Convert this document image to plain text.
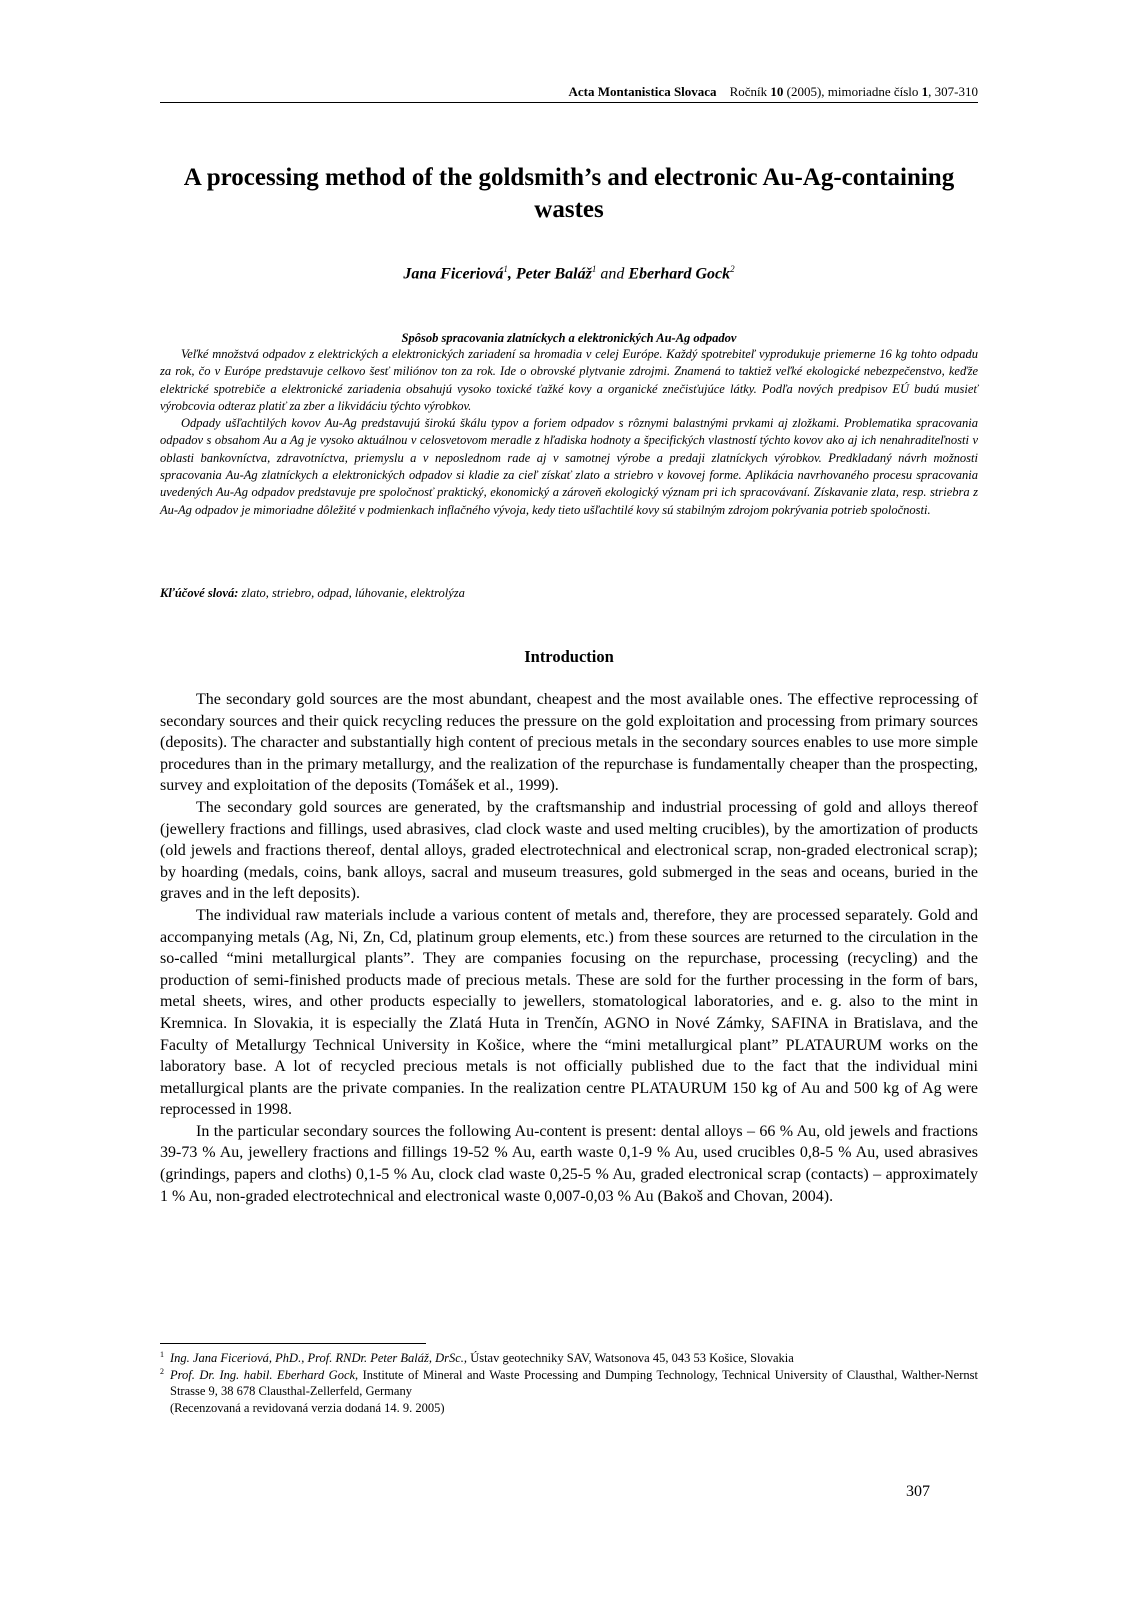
Acta Montanistica Slovaca Ročník 10 (2005), mimoriadne číslo 1, 307-310
A processing method of the goldsmith’s and electronic Au-Ag-containing wastes
Jana Ficeriová$^1$, Peter Baláž$^1$ and Eberhard Gock$^2$
Spôsob spracovania zlatníckych a elektronických Au-Ag odpadov

Veľké množstvá odpadov z elektrických a elektronických zariadení sa hromadia v celej Európe. Každý spotrebiteľ vyprodukuje priemerne 16 kg tohto odpadu za rok, čo v Európe predstavuje celkovo šesť miliónov ton za rok. Ide o obrovské plytvanie zdrojmi. Znamená to taktiež veľké ekologické nebezpečenstvo, keďže elektrické spotrebiče a elektronické zariadenia obsahujú vysoko toxické ťažké kovy a organické znečisťujúce látky. Podľa nových predpisov EÚ budú musieť výrobcovia odteraz platiť za zber a likvidáciu týchto výrobkov.

Odpady ušľachtilých kovov Au-Ag predstavujú širokú škálu typov a foriem odpadov s rôznymi balastnými prvkami aj zložkami. Problematika spracovania odpadov s obsahom Au a Ag je vysoko aktuálnou v celosvetovom meradle z hľadiska hodnoty a špecifických vlastností týchto kovov ako aj ich nenahraditeľnosti v oblasti bankovníctva, zdravotníctva, priemyslu a v neposlednom rade aj v samotnej výrobe a predaji zlatníckych výrobkov. Predkladaný návrh možnosti spracovania Au-Ag zlatníckych a elektronických odpadov si kladie za cieľ získať zlato a striebro v kovovej forme. Aplikácia navrhovaného procesu spracovania uvedených Au-Ag odpadov predstavuje pre spoločnosť praktický, ekonomický a zároveň ekologický význam pri ich spracovávaní. Získavanie zlata, resp. striebra z Au-Ag odpadov je mimoriadne dôležité v podmienkach inflačného vývoja, kedy tieto ušľachtilé kovy sú stabilným zdrojom pokrývania potrieb spoločnosti.

Kľúčové slová: zlato, striebro, odpad, lúhovanie, elektrolýza
Introduction

The secondary gold sources are the most abundant, cheapest and the most available ones. The effective reprocessing of secondary sources and their quick recycling reduces the pressure on the gold exploitation and processing from primary sources (deposits). The character and substantially high content of precious metals in the secondary sources enables to use more simple procedures than in the primary metallurgy, and the realization of the repurchase is fundamentally cheaper than the prospecting, survey and exploitation of the deposits (Tomášek et al., 1999).

The secondary gold sources are generated, by the craftsmanship and industrial processing of gold and alloys thereof (jewellery fractions and fillings, used abrasives, clad clock waste and used melting crucibles), by the amortization of products (old jewels and fractions thereof, dental alloys, graded electrotechnical and electronical scrap, non-graded electronical scrap); by hoarding (medals, coins, bank alloys, sacral and museum treasures, gold submerged in the seas and oceans, buried in the graves and in the left deposits).

The individual raw materials include a various content of metals and, therefore, they are processed separately. Gold and accompanying metals (Ag, Ni, Zn, Cd, platinum group elements, etc.) from these sources are returned to the circulation in the so-called “mini metallurgical plants”. They are companies focusing on the repurchase, processing (recycling) and the production of semi-finished products made of precious metals. These are sold for the further processing in the form of bars, metal sheets, wires, and other products especially to jewellers, stomatological laboratories, and e. g. also to the mint in Kremnica. In Slovakia, it is especially the Zlatá Huta in Trenčín, AGNO in Nové Zámky, SAFINA in Bratislava, and the Faculty of Metallurgy Technical University in Košice, where the “mini metallurgical plant” PLATAURUM works on the laboratory base. A lot of recycled precious metals is not officially published due to the fact that the individual mini metallurgical plants are the private companies. In the realization centre PLATAURUM 150 kg of Au and 500 kg of Ag were reprocessed in 1998.

In the particular secondary sources the following Au-content is present: dental alloys – 66 % Au, old jewels and fractions 39-73 % Au, jewellery fractions and fillings 19-52 % Au, earth waste 0,1-9 % Au, used crucibles 0,8-5 % Au, used abrasives (grindings, papers and cloths) 0,1-5 % Au, clock clad waste 0,25-5 % Au, graded electronical scrap (contacts) – approximately 1 % Au, non-graded electrotechnical and electronical waste 0,007-0,03 % Au (Bakoš and Chovan, 2004).

1 Ing. Jana Ficeriová, PhD., Prof. RNDr. Peter Baláž, DrSc., Ústav geotechniky SAV, Watsonova 45, 043 53 Košice, Slovakia
2 Prof. Dr. Ing. habil. Eberhard Gock, Institute of Mineral and Waste Processing and Dumping Technology, Technical University of Clausthal, Walther-Nernst Strasse 9, 38 678 Clausthal-Zellerfeld, Germany
(Recenzovaná a revidovaná verzia dodaná 14. 9. 2005)
307
